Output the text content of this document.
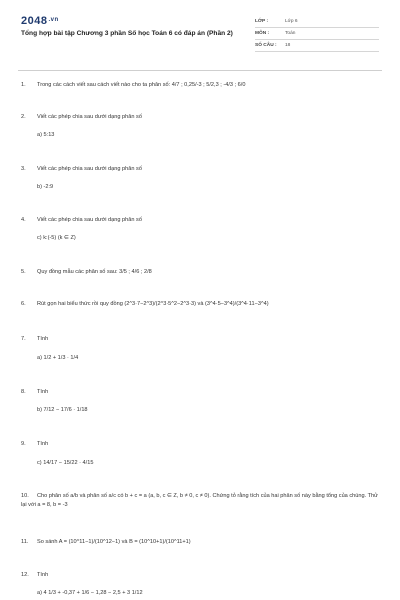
$2048^{.vn}$
Tổng hợp bài tập Chương 3 phần Số học Toán 6 có đáp án (Phần 2)
LỚP :	Lớp 6
MÔN :	Toán
SỐ CÂU : 18
1. Trong các cách viết sau cách viết nào cho ta phân số: 4/7 ; 0,25/-3 ; 5/2,3 ; -4/3 ; 6/0
2. Viết các phép chia sau dưới dạng phân số
a) 5:13
3. Viết các phép chia sau dưới dạng phân số
b) -2:9
4. Viết các phép chia sau dưới dạng phân số
c) k:(-5) (k ∈ Z)
5. Quy đồng mẫu các phân số sau: 3/5 ; 4/6 ; 2/8
6. Rút gọn hai biểu thức rồi quy đồng (2^3·7−2^3)/(2^3·5^2−2^3·3) và (3^4·5−3^4)/(3^4·11−3^4)
7. Tính
a) 1/2 + 1/3 · 1/4
8. Tính
b) 7/12 − 17/6 · 1/18
9. Tính
c) 14/17 − 15/22 · 4/15
10. Cho phân số a/b và phân số a/c có b + c = a (a, b, c ∈ Z, b ≠ 0, c ≠ 0). Chứng tỏ rằng tích của hai phân số này bằng tổng của chúng. Thử lại với a = 8, b = -3
11. So sánh A = (10^11−1)/(10^12−1) và B = (10^10+1)/(10^11+1)
12. Tính
a) 4 1/3 + -0,37 + 1/6 − 1,28 − 2,5 + 3 1/12
